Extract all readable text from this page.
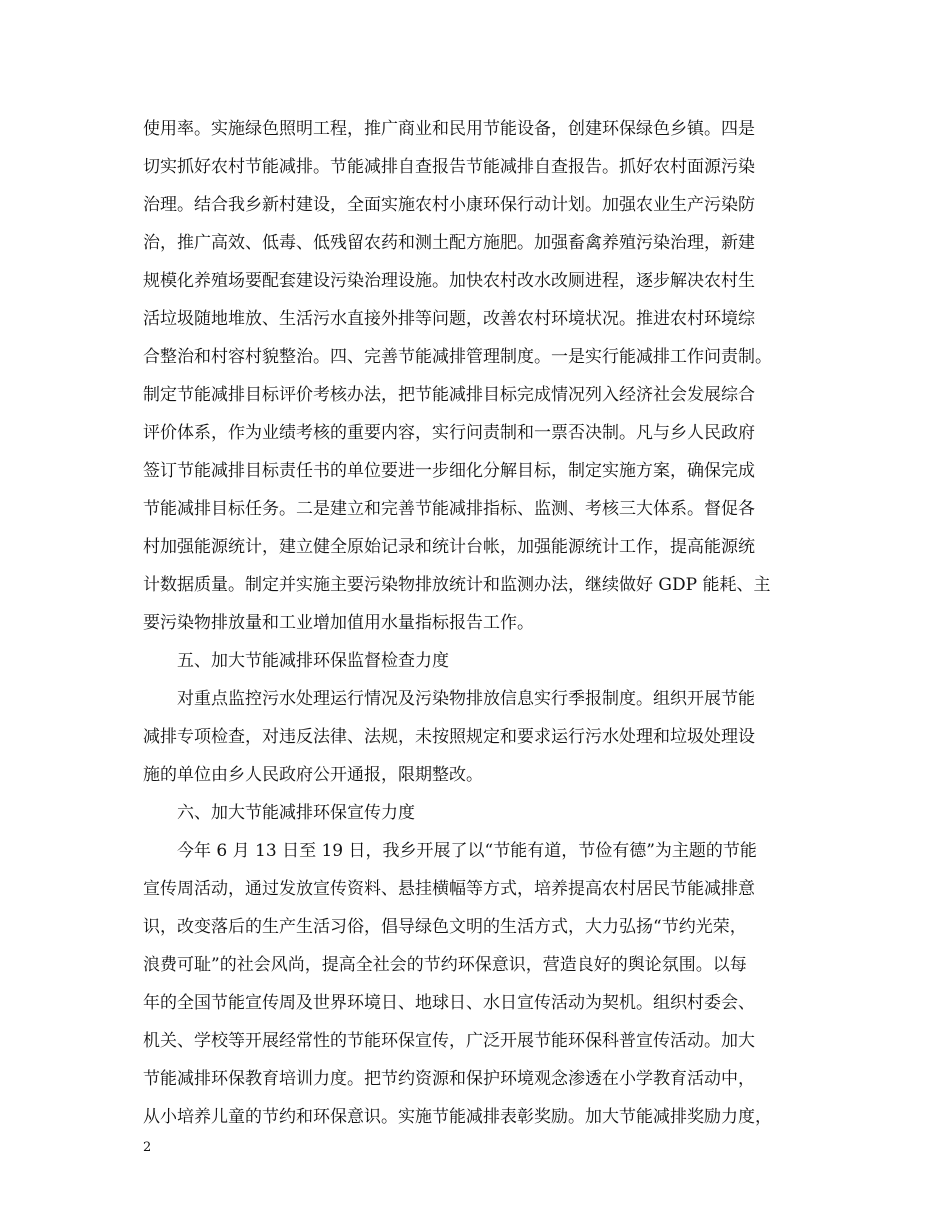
使用率。实施绿色照明工程，推广商业和民用节能设备，创建环保绿色乡镇。四是
切实抓好农村节能减排。节能减排自查报告节能减排自查报告。抓好农村面源污染
治理。结合我乡新村建设，全面实施农村小康环保行动计划。加强农业生产污染防
治，推广高效、低毒、低残留农药和测土配方施肥。加强畜禽养殖污染治理，新建
规模化养殖场要配套建设污染治理设施。加快农村改水改厕进程，逐步解决农村生
活垃圾随地堆放、生活污水直接外排等问题，改善农村环境状况。推进农村环境综
合整治和村容村貌整治。四、完善节能减排管理制度。一是实行能减排工作问责制。
制定节能减排目标评价考核办法，把节能减排目标完成情况列入经济社会发展综合
评价体系，作为业绩考核的重要内容，实行问责制和一票否决制。凡与乡人民政府
签订节能减排目标责任书的单位要进一步细化分解目标，制定实施方案，确保完成
节能减排目标任务。二是建立和完善节能减排指标、监测、考核三大体系。督促各
村加强能源统计，建立健全原始记录和统计台帐，加强能源统计工作，提高能源统
计数据质量。制定并实施主要污染物排放统计和监测办法，继续做好 GDP 能耗、主
要污染物排放量和工业增加值用水量指标报告工作。
五、加大节能减排环保监督检查力度
对重点监控污水处理运行情况及污染物排放信息实行季报制度。组织开展节能
减排专项检查，对违反法律、法规，未按照规定和要求运行污水处理和垃圾处理设
施的单位由乡人民政府公开通报，限期整改。
六、加大节能减排环保宣传力度
今年 6 月 13 日至 19 日，我乡开展了以“节能有道，节俭有德”为主题的节能
宣传周活动，通过发放宣传资料、悬挂横幅等方式，培养提高农村居民节能减排意
识，改变落后的生产生活习俗，倡导绿色文明的生活方式，大力弘扬“节约光荣，
浪费可耻”的社会风尚，提高全社会的节约环保意识，营造良好的舆论氛围。以每
年的全国节能宣传周及世界环境日、地球日、水日宣传活动为契机。组织村委会、
机关、学校等开展经常性的节能环保宣传，广泛开展节能环保科普宣传活动。加大
节能减排环保教育培训力度。把节约资源和保护环境观念渗透在小学教育活动中，
从小培养儿童的节约和环保意识。实施节能减排表彰奖励。加大节能减排奖励力度，
2
